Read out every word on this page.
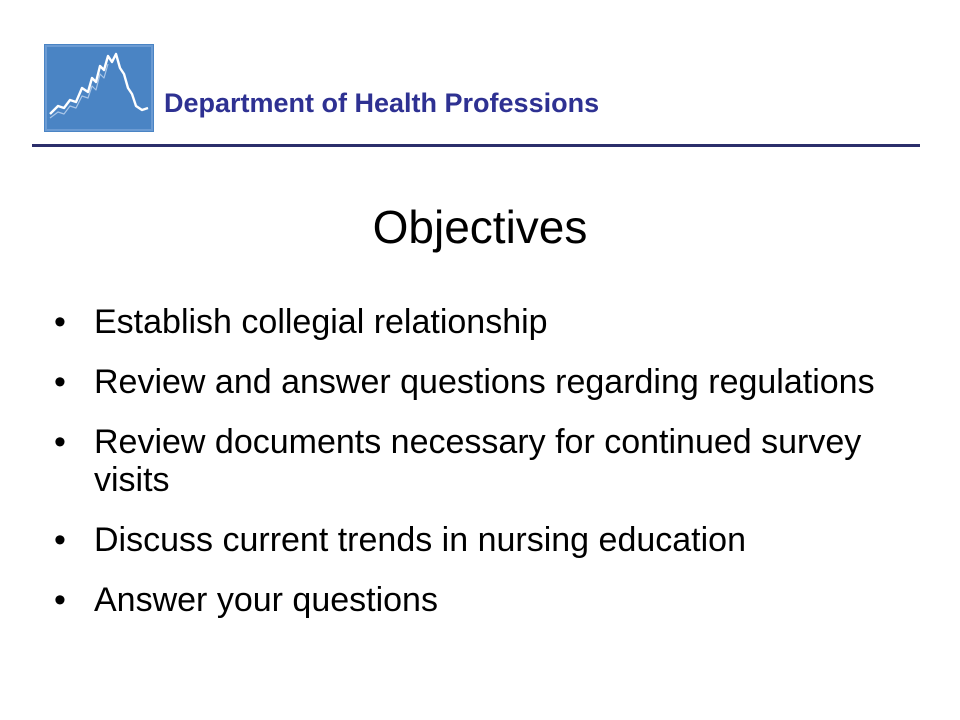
Department of Health Professions
Objectives
• Establish collegial relationship
• Review and answer questions regarding regulations
• Review documents necessary for continued survey visits
• Discuss current trends in nursing education
• Answer your questions
